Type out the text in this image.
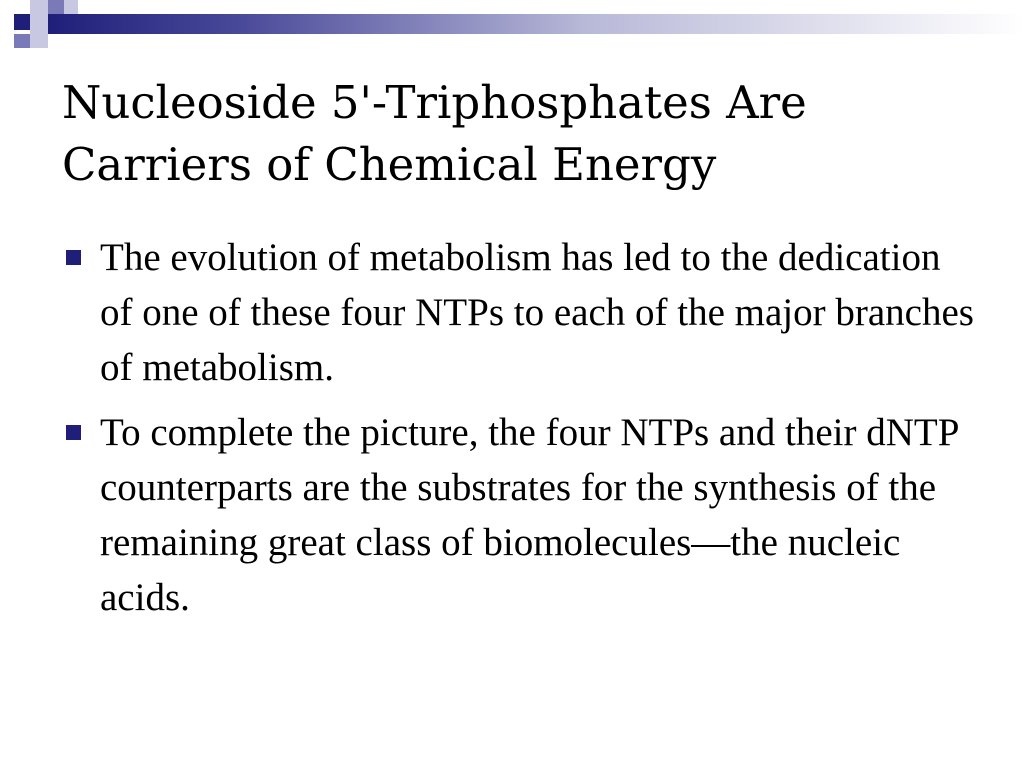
Nucleoside 5'-Triphosphates Are
Carriers of Chemical Energy
The evolution of metabolism has led to the dedication of one of these four NTPs to each of the major branches of metabolism.
To complete the picture, the four NTPs and their dNTP counterparts are the substrates for the synthesis of the remaining great class of biomolecules—the nucleic acids.
